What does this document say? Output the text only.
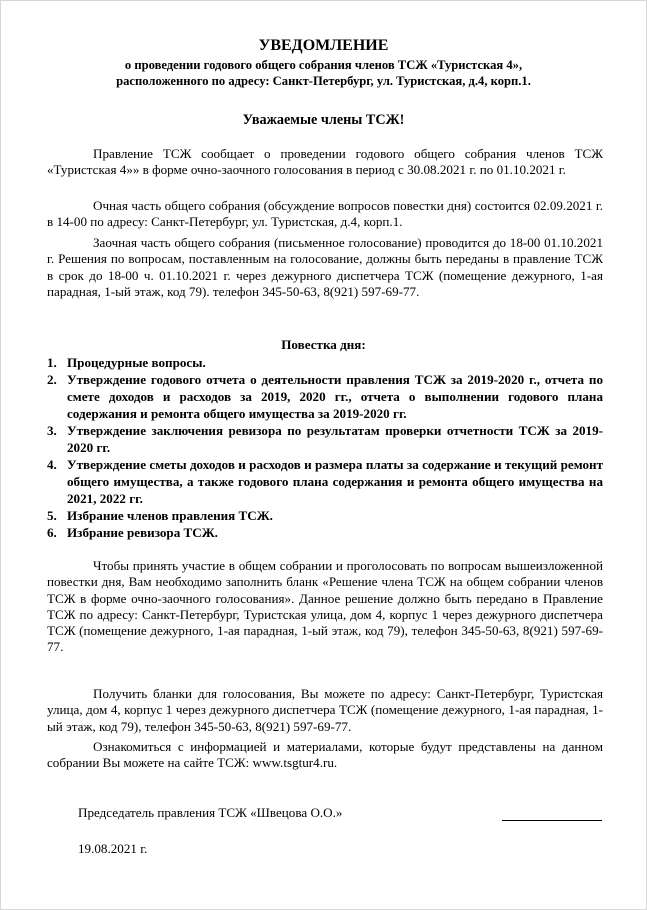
УВЕДОМЛЕНИЕ
о проведении годового общего собрания членов ТСЖ «Туристская 4»,
расположенного по адресу: Санкт-Петербург, ул. Туристская, д.4, корп.1.
Уважаемые члены ТСЖ!
Правление ТСЖ сообщает о проведении годового общего собрания членов ТСЖ «Туристская 4»» в форме очно-заочного голосования в период с 30.08.2021 г. по 01.10.2021 г.
Очная часть общего собрания (обсуждение вопросов повестки дня) состоится 02.09.2021 г. в 14-00 по адресу: Санкт-Петербург, ул. Туристская, д.4, корп.1.
Заочная часть общего собрания (письменное голосование) проводится до 18-00 01.10.2021 г. Решения по вопросам, поставленным на голосование, должны быть переданы в правление ТСЖ в срок до 18-00 ч. 01.10.2021 г. через дежурного диспетчера ТСЖ (помещение дежурного, 1-ая парадная, 1-ый этаж, код 79). телефон 345-50-63, 8(921) 597-69-77.
Повестка дня:
1. Процедурные вопросы.
2. Утверждение годового отчета о деятельности правления ТСЖ за 2019-2020 г., отчета по смете доходов и расходов за 2019, 2020 гг., отчета о выполнении годового плана содержания и ремонта общего имущества за 2019-2020 гг.
3. Утверждение заключения ревизора по результатам проверки отчетности ТСЖ за 2019-2020 гг.
4. Утверждение сметы доходов и расходов и размера платы за содержание и текущий ремонт общего имущества, а также годового плана содержания и ремонта общего имущества на 2021, 2022 гг.
5. Избрание членов правления ТСЖ.
6. Избрание ревизора ТСЖ.
Чтобы принять участие в общем собрании и проголосовать по вопросам вышеизложенной повестки дня, Вам необходимо заполнить бланк «Решение члена ТСЖ на общем собрании членов ТСЖ в форме очно-заочного голосования». Данное решение должно быть передано в Правление ТСЖ по адресу: Санкт-Петербург, Туристская улица, дом 4, корпус 1 через дежурного диспетчера ТСЖ (помещение дежурного, 1-ая парадная, 1-ый этаж, код 79), телефон 345-50-63, 8(921) 597-69-77.
Получить бланки для голосования, Вы можете по адресу: Санкт-Петербург, Туристская улица, дом 4, корпус 1 через дежурного диспетчера ТСЖ (помещение дежурного, 1-ая парадная, 1-ый этаж, код 79), телефон 345-50-63, 8(921) 597-69-77.
Ознакомиться с информацией и материалами, которые будут представлены на данном собрании Вы можете на сайте ТСЖ: www.tsgtur4.ru.
Председатель правления ТСЖ «Швецова О.О.»
19.08.2021 г.
